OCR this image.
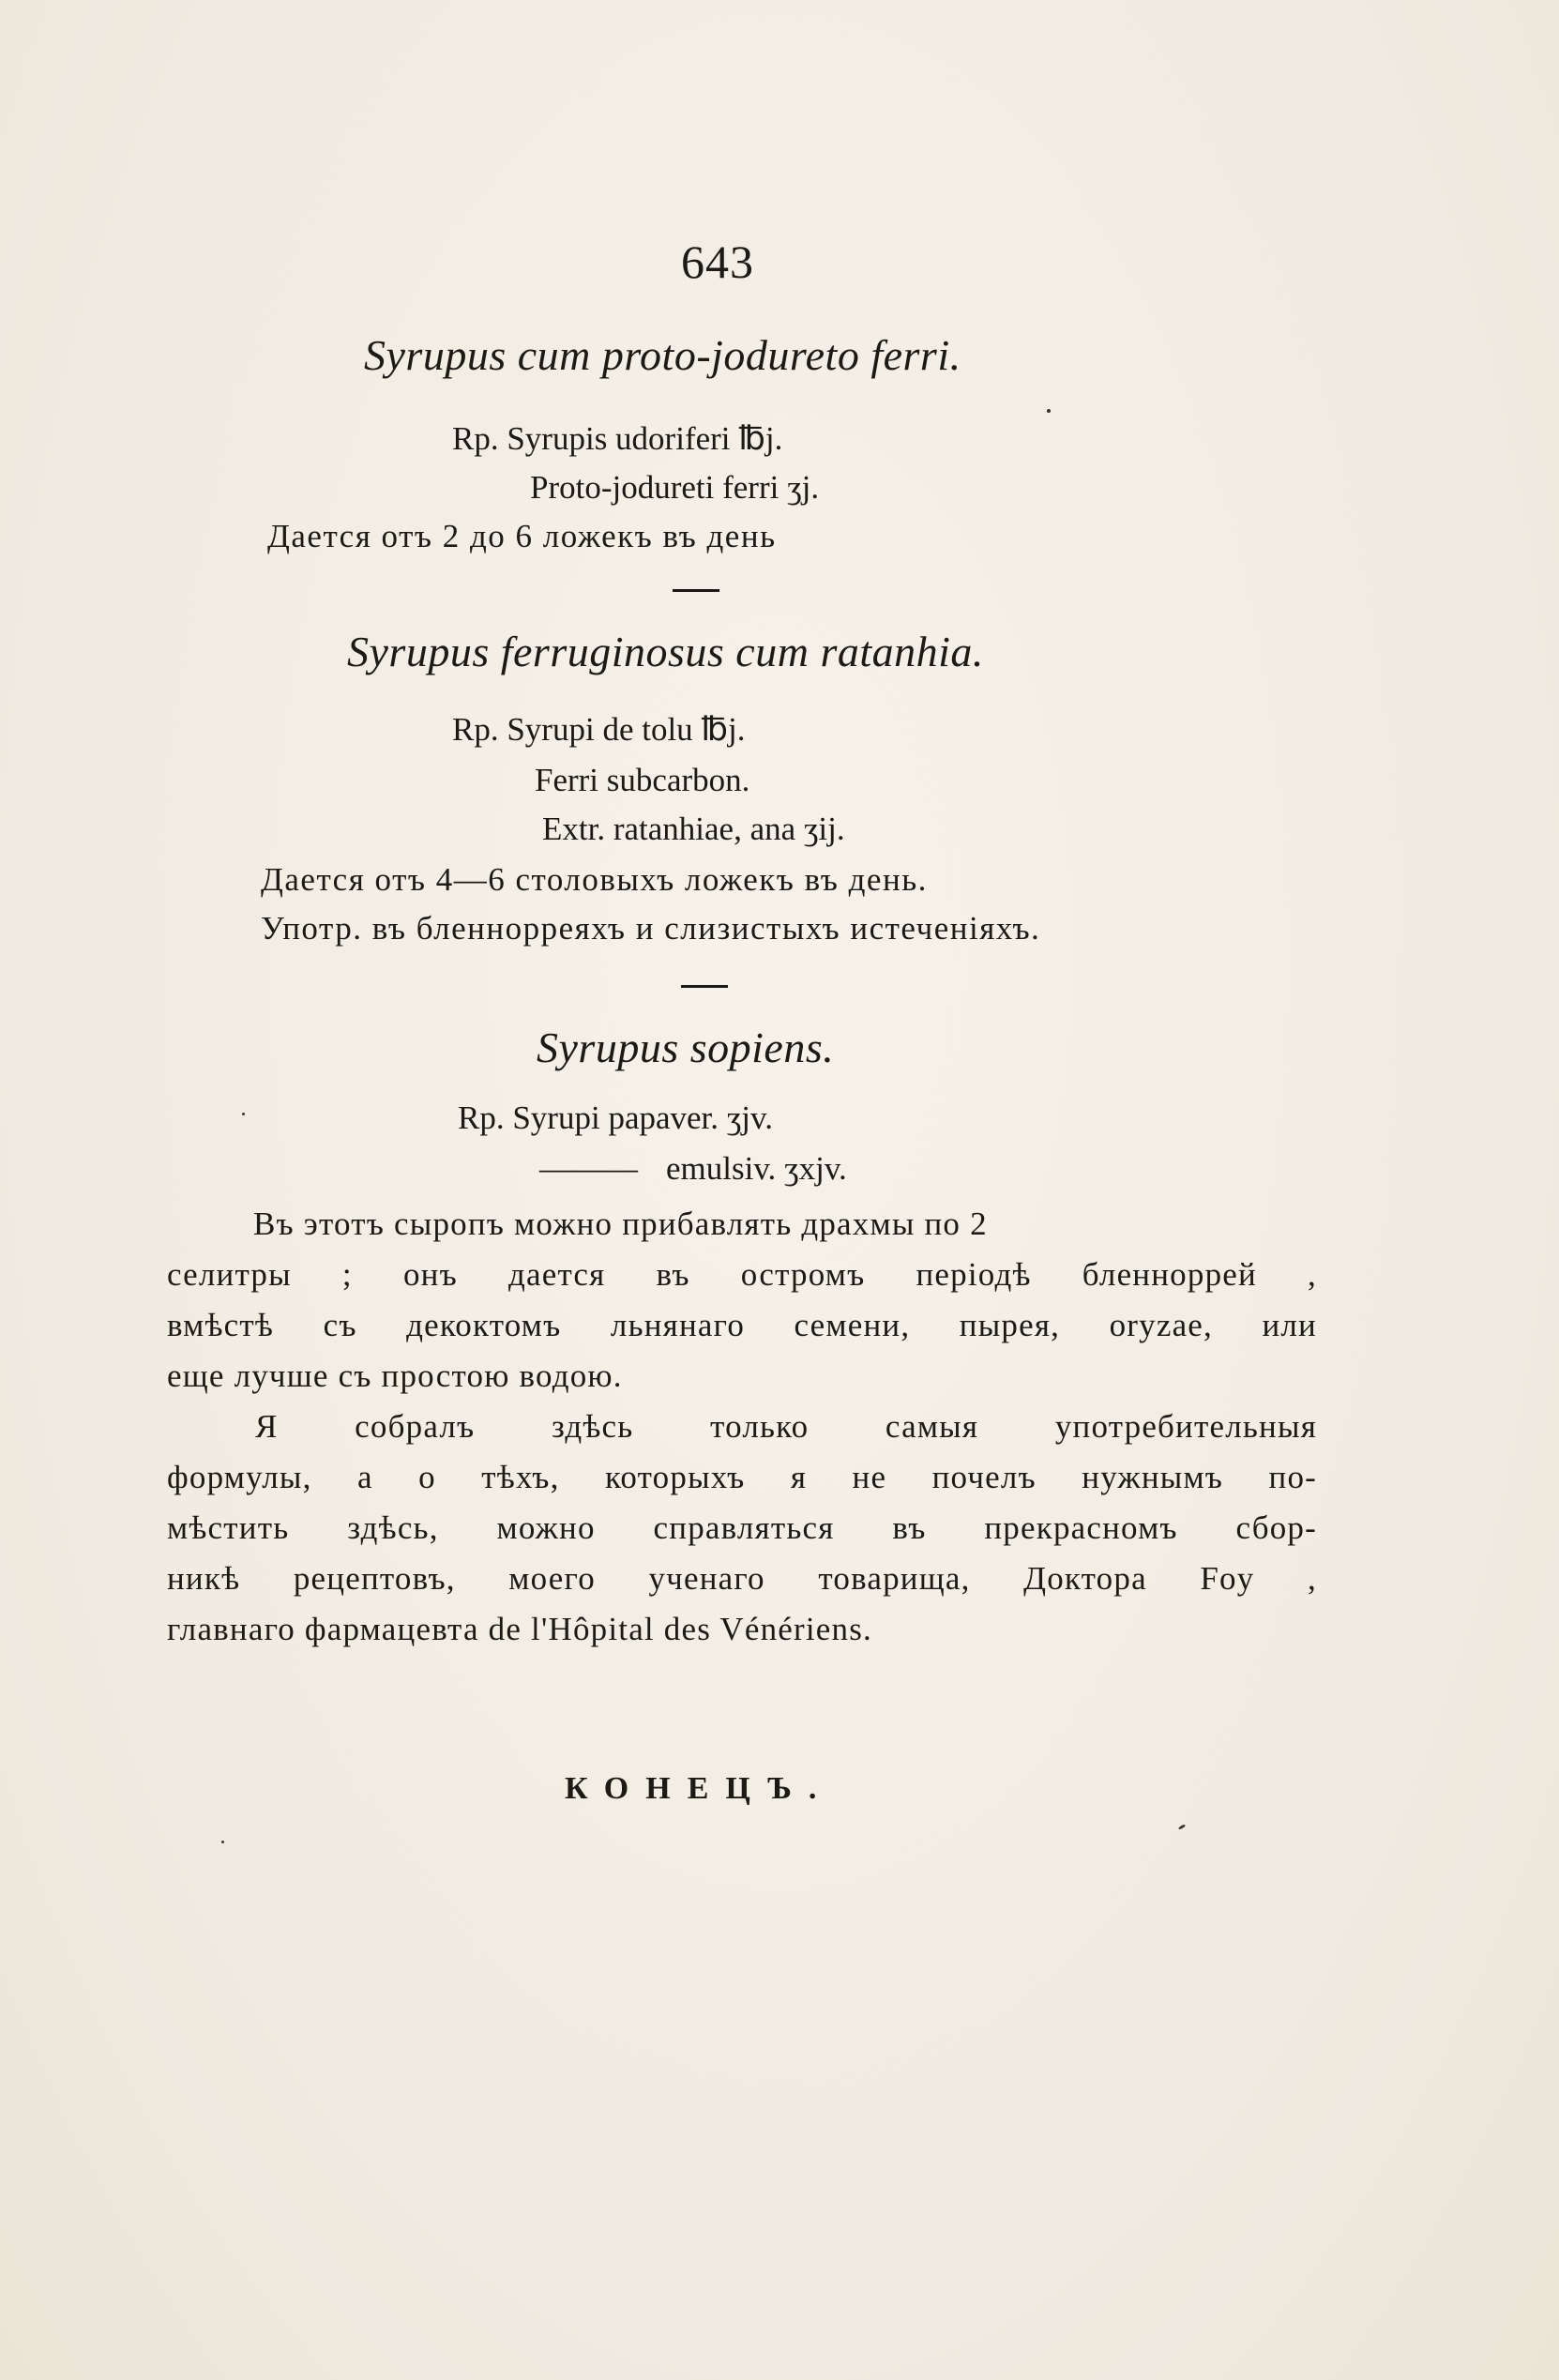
643
Syrupus cum proto-jodureto ferri.
Rp. Syrupis udoriferi ℔j.
Proto-jodureti ferri ʒj.
Дается отъ 2 до 6 ложекъ въ день
Syrupus ferruginosus cum ratanhia.
Rp. Syrupi de tolu ℔j.
Ferri subcarbon.
Extr. ratanhiae, ana ʒij.
Дается отъ 4—6 столовыхъ ложекъ въ день.
Употр. въ бленнорреяхъ и слизистыхъ истеченіяхъ.
Syrupus sopiens.
Rp. Syrupi papaver. ʒjv.
——— emulsiv. ʒxjv.
Въ этотъ сыропъ можно прибавлять драхмы по 2
селитры ; онъ дается въ остромъ періодѣ бленноррей ,
вмѣстѣ съ декоктомъ льнянаго семени, пырея, oryzae, или
еще лучше съ простою водою.
Я собралъ здѣсь только самыя употребительныя
формулы, а о тѣхъ, которыхъ я не почелъ нужнымъ по-
мѣстить здѣсь, можно справляться въ прекрасномъ сбор-
никѣ рецептовъ, моего ученаго товарища, Доктора Foy ,
главнаго фармацевта de l'Hôpital des Vénériens.
КОНЕЦЪ.
